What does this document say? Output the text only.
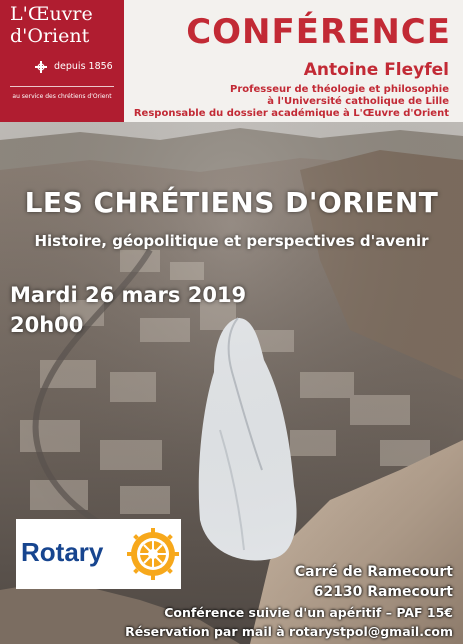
L'Œuvre
d'Orient
depuis 1856
au service des chrétiens d'Orient
CONFÉRENCE
Antoine Fleyfel
Professeur de théologie et philosophie
à l'Université catholique de Lille
Responsable du dossier académique à L'Œuvre d'Orient
LES CHRÉTIENS D'ORIENT
Histoire, géopolitique et perspectives d'avenir
Mardi 26 mars 2019
20h00
Rotary
Carré de Ramecourt
62130 Ramecourt
Conférence suivie d'un apéritif – PAF 15€
Réservation par mail à rotarystpol@gmail.com
